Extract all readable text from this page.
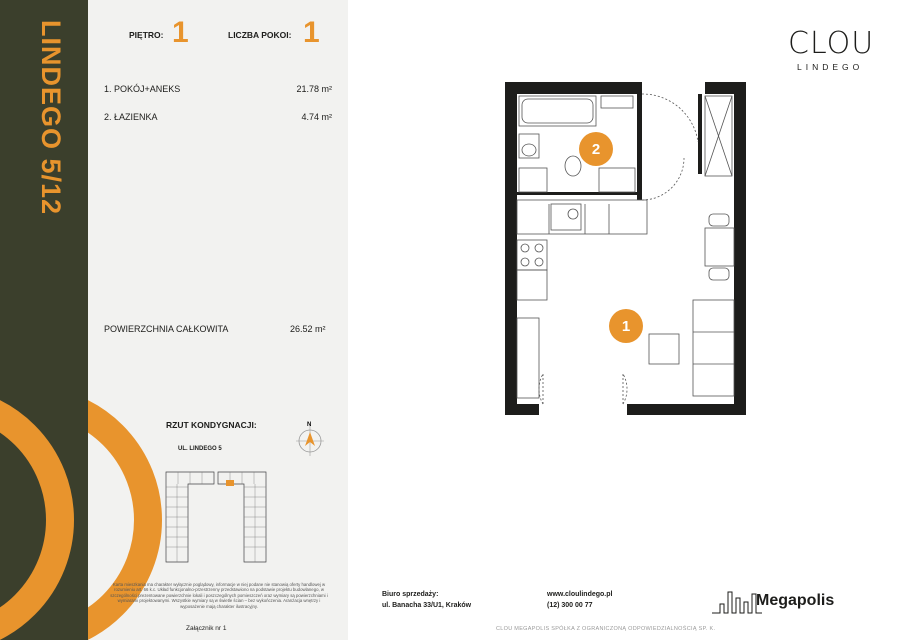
LINDEGO 5/12	PIĘTRO: 1	LICZBA POKOI: 1
1. POKÓJ+ANEKS	21.78 m²
2. ŁAZIENKA	4.74 m²
POWIERZCHNIA CAŁKOWITA	26.52 m²
RZUT KONDYGNACJI:
UL. LINDEGO 5
N
Karta mieszkania ma charakter wyłącznie poglądowy, informacje w niej podane nie stanowią oferty handlowej w rozumieniu art. 66 k.c. Układ funkcjonalno-przestrzenny przedstawiono na podstawie projektu budowlanego, w szczególności prezentowane powierzchnie lokali i poszczególnych pomieszczeń oraz wymiary są powierzchniami i wymiarami projektowanymi. Wszystkie wymiary są w świetle ścian – bez wykończenia. Aranżacja wnętrzy i wyposażenie mają charakter ilustracyjny.
Załącznik nr 1
2
1
CLOU
LINDEGO
Biuro sprzedaży:
ul. Banacha 33/U1, Kraków
www.cloulindego.pl
(12) 300 00 77	Megapolis
CLOU MEGAPOLIS SPÓŁKA Z OGRANICZONĄ ODPOWIEDZIALNOŚCIĄ SP. K.
